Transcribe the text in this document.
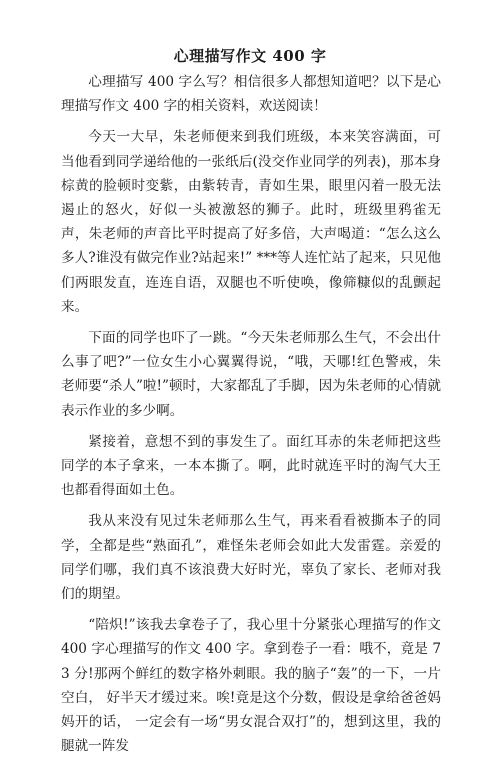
心理描写作文 400 字

心理描写 400 字么写？相信很多人都想知道吧？以下是心理描写作文 400 字的相关资料，欢送阅读！

今天一大早，朱老师便来到我们班级，本来笑容满面，可当他看到同学递给他的一张纸后(没交作业同学的列表)，那本身棕黄的脸顿时变紫，由紫转青，青如生果，眼里闪着一股无法遏止的怒火，好似一头被激怒的狮子。此时，班级里鸦雀无声，朱老师的声音比平时提高了好多倍，大声喝道：“怎么这么多人?谁没有做完作业?站起来!” ***等人连忙站了起来，只见他们两眼发直，连连自语，双腿也不听使唤，像筛糠似的乱颤起来。

下面的同学也吓了一跳。“今天朱老师那么生气，不会出什么事了吧?”一位女生小心翼翼得说，“哦，天哪!红色警戒，朱老师要“杀人”啦!”顿时，大家都乱了手脚，因为朱老师的心情就表示作业的多少啊。

紧接着，意想不到的事发生了。面红耳赤的朱老师把这些同学的本子拿来，一本本撕了。啊，此时就连平时的淘气大王也都看得面如土色。

我从来没有见过朱老师那么生气，再来看看被撕本子的同学，全都是些“熟面孔”，难怪朱老师会如此大发雷霆。亲爱的同学们哪，我们真不该浪费大好时光，辜负了家长、老师对我们的期望。

“陪炽!”该我去拿卷子了，我心里十分紧张心理描写的作文 400 字心理描写的作文 400 字。拿到卷子一看：哦不，竟是 73 分!那两个鲜红的数字格外刺眼。我的脑子“轰”的一下，一片空白， 好半天才缓过来。唉!竟是这个分数，假设是拿给爸爸妈妈开的话， 一定会有一场“男女混合双打”的，想到这里，我的腿就一阵发
